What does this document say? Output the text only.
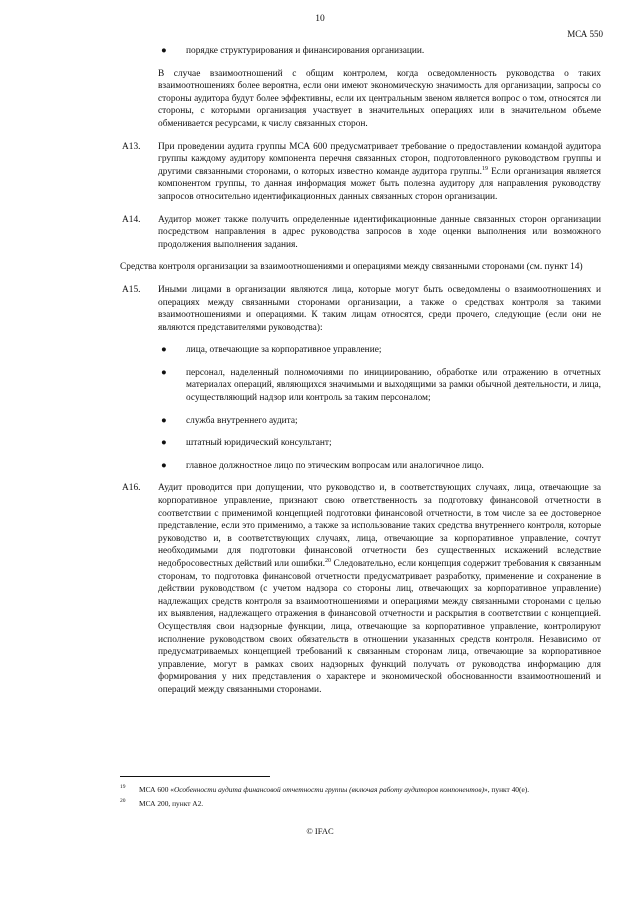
10
МСА 550
● порядке структурирования и финансирования организации.

В случае взаимоотношений с общим контролем, когда осведомленность руководства о таких взаимоотношениях более вероятна, если они имеют экономическую значимость для организации, запросы со стороны аудитора будут более эффективны, если их центральным звеном является вопрос о том, относятся ли стороны, с которыми организация участвует в значительных операциях или в значительном объеме обменивается ресурсами, к числу связанных сторон.

A13. При проведении аудита группы МСА 600 предусматривает требование о предоставлении командой аудитора группы каждому аудитору компонента перечня связанных сторон, подготовленного руководством группы и другими связанными сторонами, о которых известно команде аудитора группы.$^{19}$ Если организация является компонентом группы, то данная информация может быть полезна аудитору для направления руководству запросов относительно идентификационных данных связанных сторон организации.
A14. Аудитор может также получить определенные идентификационные данные связанных сторон организации посредством направления в адрес руководства запросов в ходе оценки выполнения или возможного продолжения выполнения задания.

Средства контроля организации за взаимоотношениями и операциями между связанными сторонами (см. пункт 14)

A15. Иными лицами в организации являются лица, которые могут быть осведомлены о взаимоотношениях и операциях между связанными сторонами организации, а также о средствах контроля за такими взаимоотношениями и операциями. К таким лицам относятся, среди прочего, следующие (если они не являются представителями руководства):
● лица, отвечающие за корпоративное управление;
● персонал, наделенный полномочиями по инициированию, обработке или отражению в отчетных материалах операций, являющихся значимыми и выходящими за рамки обычной деятельности, и лица, осуществляющий надзор или контроль за таким персоналом;
● служба внутреннего аудита;
● штатный юридический консультант;
● главное должностное лицо по этическим вопросам или аналогичное лицо.
A16. Аудит проводится при допущении, что руководство и, в соответствующих случаях, лица, отвечающие за корпоративное управление, признают свою ответственность за подготовку финансовой отчетности в соответствии с применимой концепцией подготовки финансовой отчетности, в том числе за ее достоверное представление, если это применимо, а также за использование таких средства внутреннего контроля, которые руководство и, в соответствующих случаях, лица, отвечающие за корпоративное управление, сочтут необходимыми для подготовки финансовой отчетности без существенных искажений вследствие недобросовестных действий или ошибки.$^{20}$ Следовательно, если концепция содержит требования к связанным сторонам, то подготовка финансовой отчетности предусматривает разработку, применение и сохранение в действии руководством (с учетом надзора со стороны лиц, отвечающих за корпоративное управление) надлежащих средств контроля за взаимоотношениями и операциями между связанными сторонами с целью их выявления, надлежащего отражения в финансовой отчетности и раскрытия в соответствии с концепцией. Осуществляя свои надзорные функции, лица, отвечающие за корпоративное управление, контролируют исполнение руководством своих обязательств в отношении указанных средств контроля. Независимо от предусматриваемых концепцией требований к связанным сторонам лица, отвечающие за корпоративное управление, могут в рамках своих надзорных функций получать от руководства информацию для формирования у них представления о характере и экономической обоснованности взаимоотношений и операций между связанными сторонами.
19 МСА 600 «Особенности аудита финансовой отчетности группы (включая работу аудиторов компонентов)», пункт 40(e).
20 МСА 200, пункт A2.
© IFAC
